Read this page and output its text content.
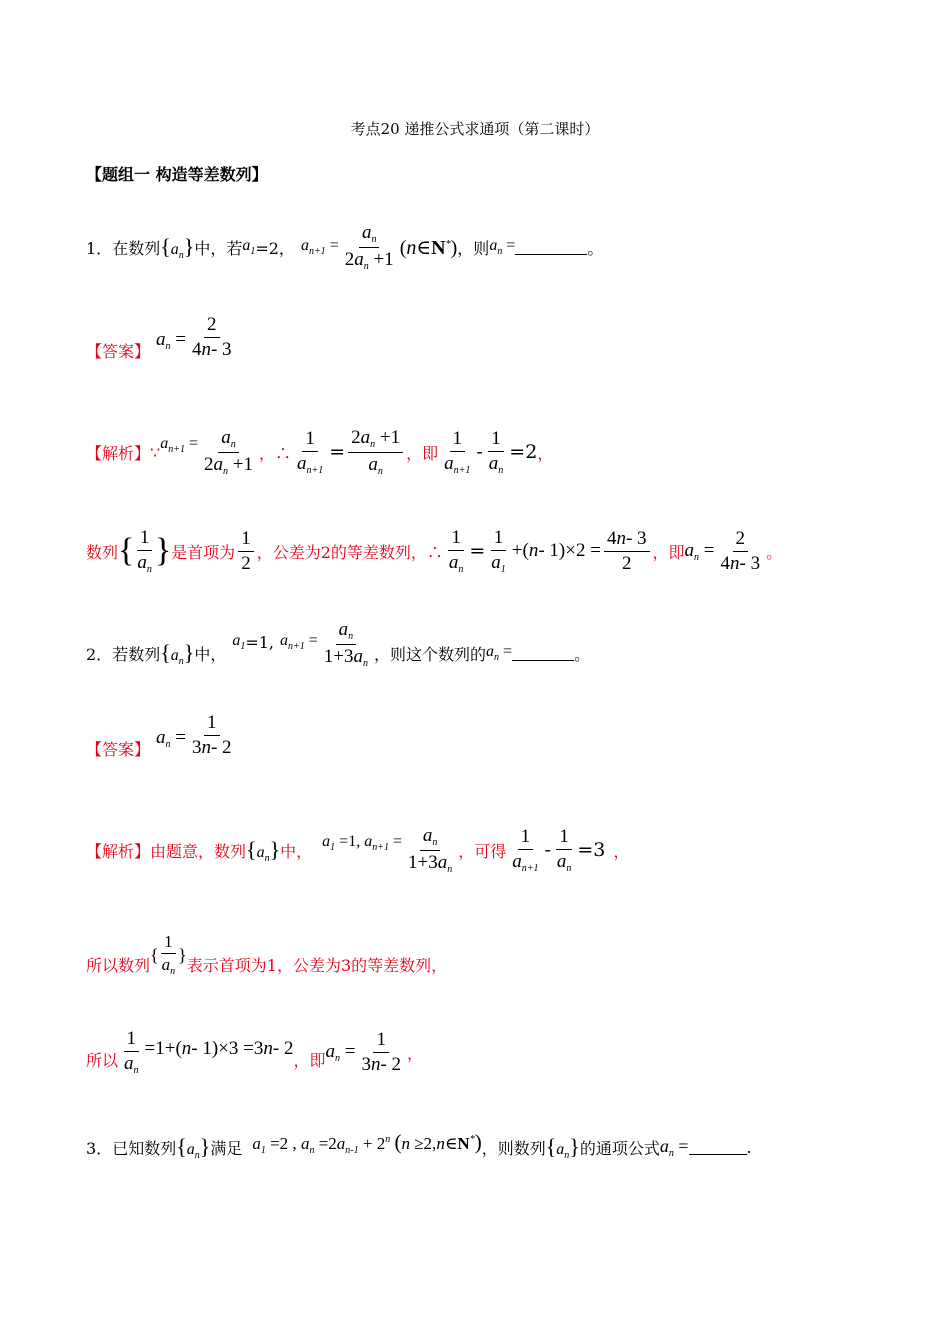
考点20 递推公式求通项（第二课时）
【题组一 构造等差数列】
1． 在数列 $\{a_n\}$ 中，若 $a_1 =2$， $a_{n+1} = \frac{a_n}{2a_n +1}$ (n∈N*) ，则 $a_n$ =	。
【答案】
$a_n = \frac{2}{4n- 3}$
【解析】 ∵ $a_{n+1} = \frac{a_n}{2a_n +1}$ ，∴ $\frac{1}{a_{n+1}} = \frac{2a_n +1}{a_n}$ ，即 $\frac{1}{a_{n+1}} - \frac{1}{a_n} =2$ ，
数列 { $\frac{1}{a_n}$ } 是首项为 $\frac{1}{2}$ ，公差为2的等差数列，∴ $\frac{1}{a_n} = \frac{1}{a_1} +(n-$ $1)\times 2 = \frac{4n- 3}{2}$ ，即 $a_n = \frac{2}{4n- 3}$ 。
2． 若数列 $\{a_n\}$ 中，
$a_1 =1$, $a_{n+1} = \frac{a_n}{1+3a_n}$ ，则这个数列的 $a_n$ =	。
【答案】
$a_n = \frac{1}{3n- 2}$
【解析】 由题意，数列 $\{a_n\}$ 中， $a_1 =1$, $a_{n+1} = \frac{a_n}{1+3a_n}$ ，可得 $\frac{1}{a_{n+1}} - \frac{1}{a_n} =3$ ，
所以数列
{ $\frac{1}{a_n}$ }
表示首项为1，公差为3的等差数列，
所以 $\frac{1}{a_n} =1+(n-$ 1)×3 =3n- 2
，即 $a_n = \frac{1}{3n- 2}$ ，
3． 已知数列 $\{a_n\}$ 满足 $a_1 =2$ , $a_n =2a_{n-1} + 2^n$ (n ≥2,n∈N*) ，则数列 $\{a_n\}$ 的通项公式 $a_n$ =	.
